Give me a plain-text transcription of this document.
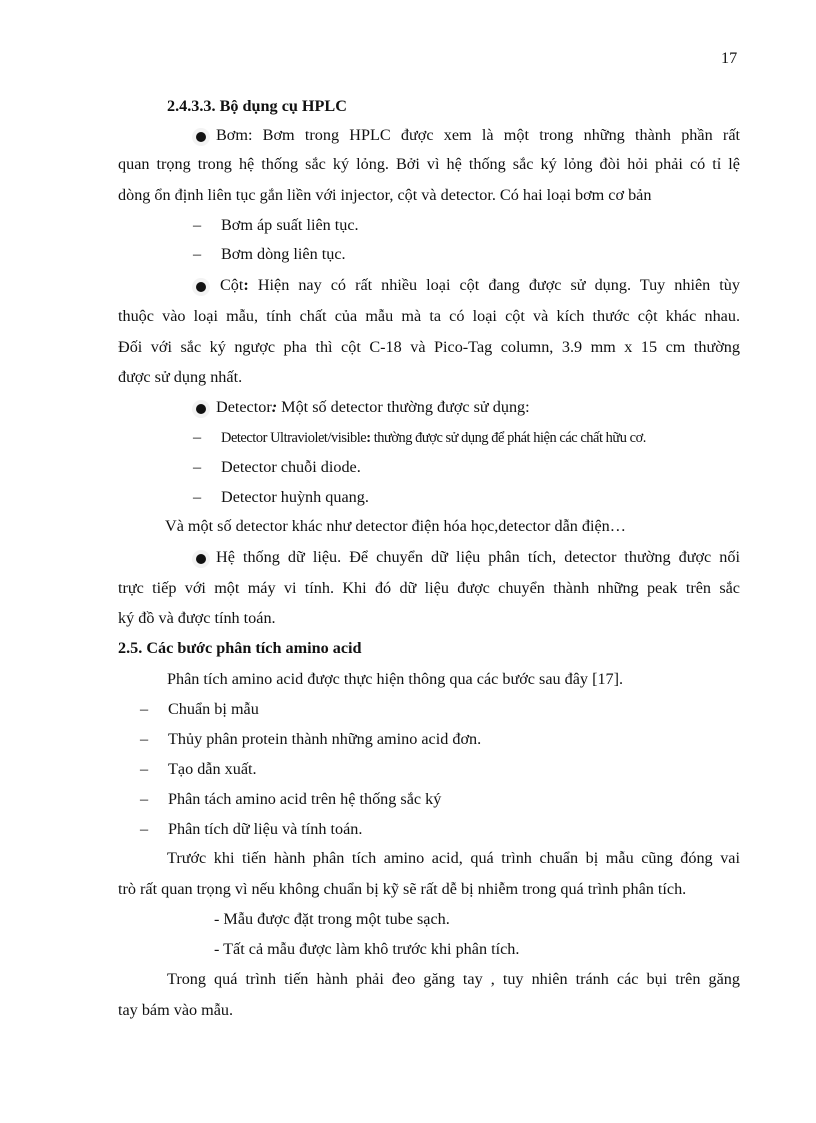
17
2.4.3.3. Bộ dụng cụ HPLC
Bơm: Bơm trong HPLC được xem là một trong những thành phần rất
quan trọng trong hệ thống sắc ký lỏng. Bởi vì hệ thống sắc ký lỏng đòi hỏi phải có tỉ lệ
dòng ổn định liên tục gắn liền với injector, cột và detector. Có hai loại bơm cơ bản
– Bơm áp suất liên tục.
– Bơm dòng liên tục.
Cột: Hiện nay có rất nhiều loại cột đang được sử dụng. Tuy nhiên tùy
thuộc vào loại mẫu, tính chất của mẫu mà ta có loại cột và kích thước cột khác nhau.
Đối với sắc ký ngược pha thì cột C-18 và Pico-Tag column, 3.9 mm x 15 cm thường
được sử dụng nhất.
Detector: Một số detector thường được sử dụng:
– Detector Ultraviolet/visible: thường được sử dụng để phát hiện các chất hữu cơ.
– Detector chuỗi diode.
– Detector huỳnh quang.
Và một số detector khác như detector điện hóa học,detector dẫn điện…
Hệ thống dữ liệu. Để chuyển dữ liệu phân tích, detector thường được nối
trực tiếp với một máy vi tính. Khi đó dữ liệu được chuyển thành những peak trên sắc
ký đồ và được tính toán.
2.5. Các bước phân tích amino acid
Phân tích amino acid được thực hiện thông qua các bước sau đây [17].
– Chuẩn bị mẫu
– Thủy phân protein thành những amino acid đơn.
– Tạo dẫn xuất.
– Phân tách amino acid trên hệ thống sắc ký
– Phân tích dữ liệu và tính toán.
Trước khi tiến hành phân tích amino acid, quá trình chuẩn bị mẫu cũng đóng vai
trò rất quan trọng vì nếu không chuẩn bị kỹ sẽ rất dễ bị nhiễm trong quá trình phân tích.
- Mẫu được đặt trong một tube sạch.
- Tất cả mẫu được làm khô trước khi phân tích.
Trong quá trình tiến hành phải đeo găng tay , tuy nhiên tránh các bụi trên găng
tay bám vào mẫu.
